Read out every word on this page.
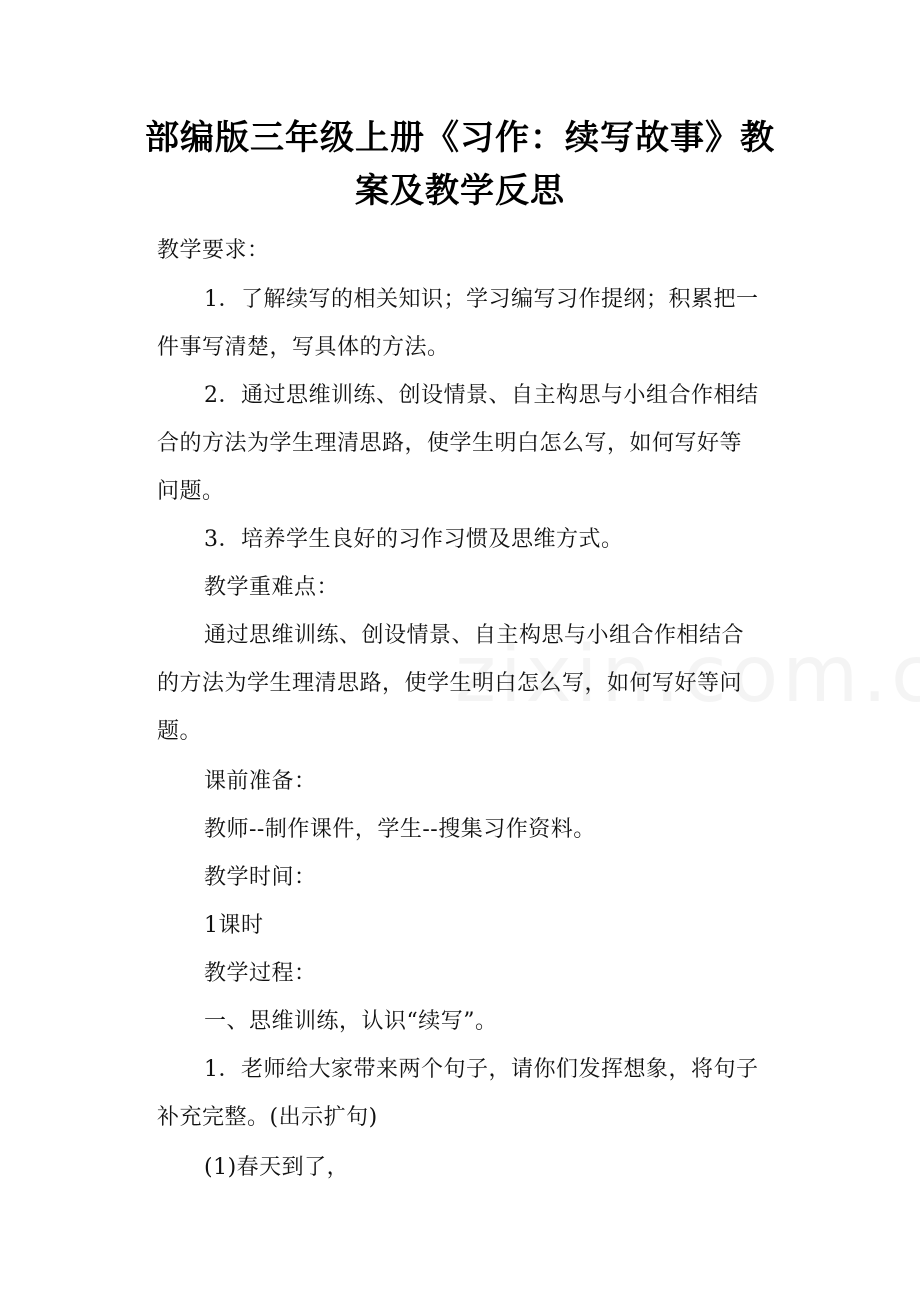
部编版三年级上册《习作：续写故事》教
案及教学反思
教学要求：
1．了解续写的相关知识；学习编写习作提纲；积累把一
件事写清楚，写具体的方法。
2．通过思维训练、创设情景、自主构思与小组合作相结
合的方法为学生理清思路，使学生明白怎么写，如何写好等
问题。
3．培养学生良好的习作习惯及思维方式。
教学重难点：
通过思维训练、创设情景、自主构思与小组合作相结合
的方法为学生理清思路，使学生明白怎么写，如何写好等问
题。
课前准备：
教师--制作课件，学生--搜集习作资料。
教学时间：
1课时
教学过程：
一、思维训练，认识“续写”。
1．老师给大家带来两个句子，请你们发挥想象，将句子
补充完整。(出示扩句)
(1)春天到了，
